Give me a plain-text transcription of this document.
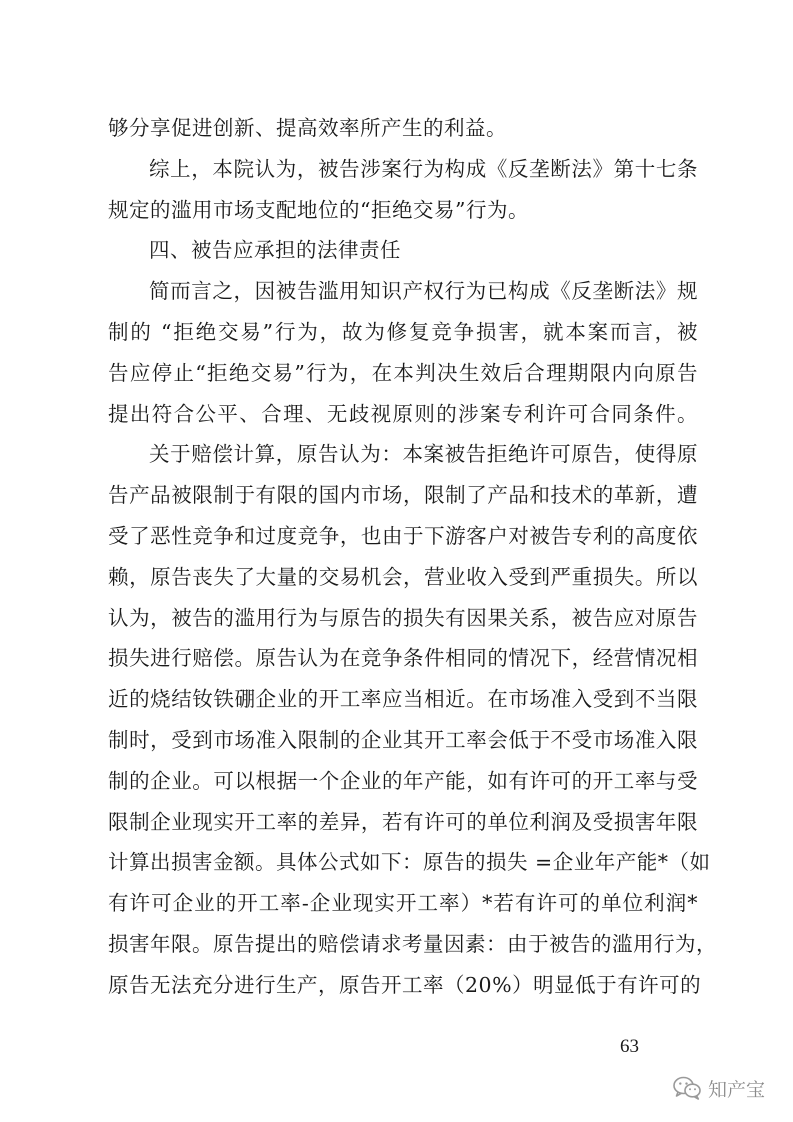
够分享促进创新、提高效率所产生的利益。
综上，本院认为，被告涉案行为构成《反垄断法》第十七条
规定的滥用市场支配地位的“拒绝交易”行为。
四、被告应承担的法律责任
简而言之，因被告滥用知识产权行为已构成《反垄断法》规
制的 “拒绝交易”行为，故为修复竞争损害，就本案而言，被
告应停止“拒绝交易”行为，在本判决生效后合理期限内向原告
提出符合公平、合理、无歧视原则的涉案专利许可合同条件。
关于赔偿计算，原告认为：本案被告拒绝许可原告，使得原
告产品被限制于有限的国内市场，限制了产品和技术的革新，遭
受了恶性竞争和过度竞争，也由于下游客户对被告专利的高度依
赖，原告丧失了大量的交易机会，营业收入受到严重损失。所以
认为，被告的滥用行为与原告的损失有因果关系，被告应对原告
损失进行赔偿。原告认为在竞争条件相同的情况下，经营情况相
近的烧结钕铁硼企业的开工率应当相近。在市场准入受到不当限
制时，受到市场准入限制的企业其开工率会低于不受市场准入限
制的企业。可以根据一个企业的年产能，如有许可的开工率与受
限制企业现实开工率的差异，若有许可的单位利润及受损害年限
计算出损害金额。具体公式如下：原告的损失 =企业年产能*（如
有许可企业的开工率-企业现实开工率）*若有许可的单位利润*
损害年限。原告提出的赔偿请求考量因素：由于被告的滥用行为，
原告无法充分进行生产，原告开工率（20%）明显低于有许可的
63
知产宝
